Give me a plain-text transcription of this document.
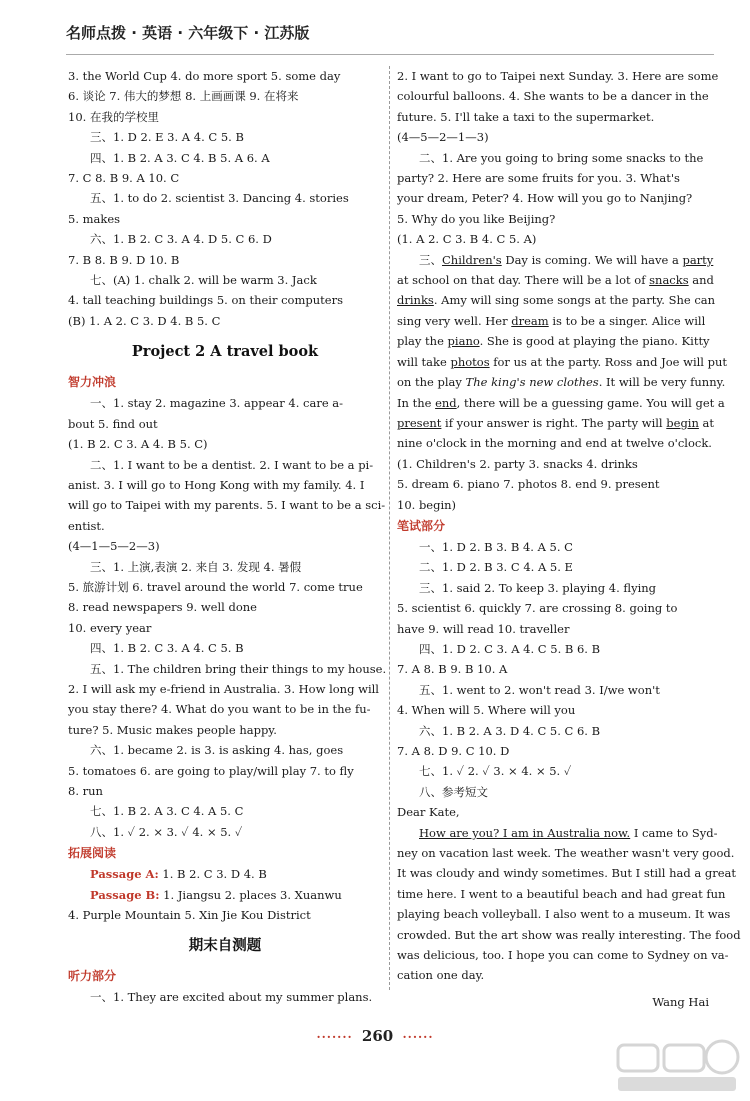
名师点拨 · 英语 · 六年级下 · 江苏版
3. the World Cup 4. do more sport 5. some day
6. 谈论 7. 伟大的梦想 8. 上画画课 9. 在将来
10. 在我的学校里
三、1. D 2. E 3. A 4. C 5. B
四、1. B 2. A 3. C 4. B 5. A 6. A
7. C 8. B 9. A 10. C
五、1. to do 2. scientist 3. Dancing 4. stories
5. makes
六、1. B 2. C 3. A 4. D 5. C 6. D
7. B 8. B 9. D 10. B
七、(A) 1. chalk 2. will be warm 3. Jack
4. tall teaching buildings 5. on their computers
(B) 1. A 2. C 3. D 4. B 5. C
Project 2 A travel book
智力冲浪
一、1. stay 2. magazine 3. appear 4. care a-
bout 5. find out
(1. B 2. C 3. A 4. B 5. C)
二、1. I want to be a dentist. 2. I want to be a pi-
anist. 3. I will go to Hong Kong with my family. 4. I
will go to Taipei with my parents. 5. I want to be a sci-
entist.
(4—1—5—2—3)
三、1. 上演,表演 2. 来自 3. 发现 4. 暑假
5. 旅游计划 6. travel around the world 7. come true
8. read newspapers 9. well done
10. every year
四、1. B 2. C 3. A 4. C 5. B
五、1. The children bring their things to my house.
2. I will ask my e-friend in Australia. 3. How long will
you stay there? 4. What do you want to be in the fu-
ture? 5. Music makes people happy.
六、1. became 2. is 3. is asking 4. has, goes
5. tomatoes 6. are going to play/will play 7. to fly
8. run
七、1. B 2. A 3. C 4. A 5. C
八、1. ✓ 2. × 3. ✓ 4. × 5. ✓
拓展阅读
Passage A: 1. B 2. C 3. D 4. B
Passage B: 1. Jiangsu 2. places 3. Xuanwu
4. Purple Mountain 5. Xin Jie Kou District
期末自测题
听力部分
一、1. They are excited about my summer plans.
2. I want to go to Taipei next Sunday. 3. Here are some
colourful balloons. 4. She wants to be a dancer in the
future. 5. I'll take a taxi to the supermarket.
(4—5—2—1—3)
二、1. Are you going to bring some snacks to the
party? 2. Here are some fruits for you. 3. What's
your dream, Peter? 4. How will you go to Nanjing?
5. Why do you like Beijing?
(1. A 2. C 3. B 4. C 5. A)
三、Children's Day is coming. We will have a party
at school on that day. There will be a lot of snacks and
drinks. Amy will sing some songs at the party. She can
sing very well. Her dream is to be a singer. Alice will
play the piano. She is good at playing the piano. Kitty
will take photos for us at the party. Ross and Joe will put
on the play The king's new clothes. It will be very funny.
In the end, there will be a guessing game. You will get a
present if your answer is right. The party will begin at
nine o'clock in the morning and end at twelve o'clock.
(1. Children's 2. party 3. snacks 4. drinks
5. dream 6. piano 7. photos 8. end 9. present
10. begin)
笔试部分
一、1. D 2. B 3. B 4. A 5. C
二、1. D 2. B 3. C 4. A 5. E
三、1. said 2. To keep 3. playing 4. flying
5. scientist 6. quickly 7. are crossing 8. going to
have 9. will read 10. traveller
四、1. D 2. C 3. A 4. C 5. B 6. B
7. A 8. B 9. B 10. A
五、1. went to 2. won't read 3. I/we won't
4. When will 5. Where will you
六、1. B 2. A 3. D 4. C 5. C 6. B
7. A 8. D 9. C 10. D
七、1. ✓ 2. ✓ 3. × 4. × 5. ✓
八、参考短文
Dear Kate,
How are you? I am in Australia now. I came to Syd-
ney on vacation last week. The weather wasn't very good.
It was cloudy and windy sometimes. But I still had a great
time here. I went to a beautiful beach and had great fun
playing beach volleyball. I also went to a museum. It was
crowded. But the art show was really interesting. The food
was delicious, too. I hope you can come to Sydney on va-
cation one day.
Wang Hai
······· 260 ······
